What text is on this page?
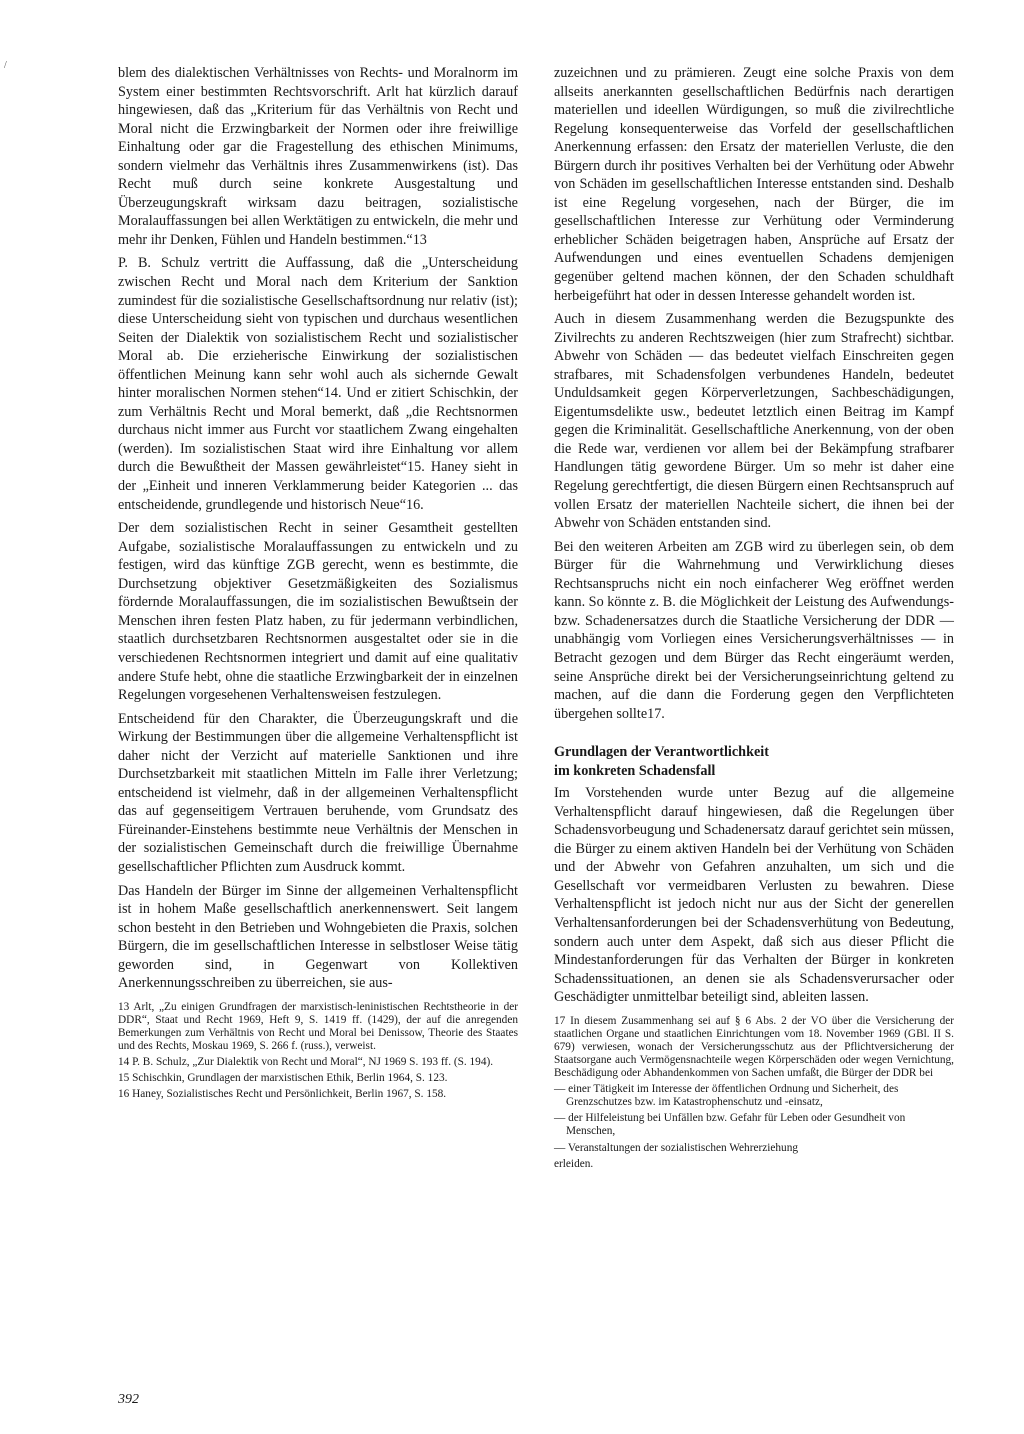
blem des dialektischen Verhältnisses von Rechts- und Moralnorm im System einer bestimmten Rechtsvorschrift. Arlt hat kürzlich darauf hingewiesen, daß das „Kriterium für das Verhältnis von Recht und Moral nicht die Erzwingbarkeit der Normen oder ihre freiwillige Einhaltung oder gar die Fragestellung des ethischen Minimums, sondern vielmehr das Verhältnis ihres Zusammenwirkens (ist). Das Recht muß durch seine konkrete Ausgestaltung und Überzeugungskraft wirksam dazu beitragen, sozialistische Moralauffassungen bei allen Werktätigen zu entwickeln, die mehr und mehr ihr Denken, Fühlen und Handeln bestimmen.“13

P. B. Schulz vertritt die Auffassung, daß die „Unterscheidung zwischen Recht und Moral nach dem Kriterium der Sanktion zumindest für die sozialistische Gesellschaftsordnung nur relativ (ist); diese Unterscheidung sieht von typischen und durchaus wesentlichen Seiten der Dialektik von sozialistischem Recht und sozialistischer Moral ab. Die erzieherische Einwirkung der sozialistischen öffentlichen Meinung kann sehr wohl auch als sichernde Gewalt hinter moralischen Normen stehen“14. Und er zitiert Schischkin, der zum Verhältnis Recht und Moral bemerkt, daß „die Rechtsnormen durchaus nicht immer aus Furcht vor staatlichem Zwang eingehalten (werden). Im sozialistischen Staat wird ihre Einhaltung vor allem durch die Bewußtheit der Massen gewährleistet“15. Haney sieht in der „Einheit und inneren Verklammerung beider Kategorien ... das entscheidende, grundlegende und historisch Neue“16.

Der dem sozialistischen Recht in seiner Gesamtheit gestellten Aufgabe, sozialistische Moralauffassungen zu entwickeln und zu festigen, wird das künftige ZGB gerecht, wenn es bestimmte, die Durchsetzung objektiver Gesetzmäßigkeiten des Sozialismus fördernde Moralauffassungen, die im sozialistischen Bewußtsein der Menschen ihren festen Platz haben, zu für jedermann verbindlichen, staatlich durchsetzbaren Rechtsnormen ausgestaltet oder sie in die verschiedenen Rechtsnormen integriert und damit auf eine qualitativ andere Stufe hebt, ohne die staatliche Erzwingbarkeit der in einzelnen Regelungen vorgesehenen Verhaltensweisen festzulegen.

Entscheidend für den Charakter, die Überzeugungskraft und die Wirkung der Bestimmungen über die allgemeine Verhaltenspflicht ist daher nicht der Verzicht auf materielle Sanktionen und ihre Durchsetzbarkeit mit staatlichen Mitteln im Falle ihrer Verletzung; entscheidend ist vielmehr, daß in der allgemeinen Verhaltenspflicht das auf gegenseitigem Vertrauen beruhende, vom Grundsatz des Füreinander-Einstehens bestimmte neue Verhältnis der Menschen in der sozialistischen Gemeinschaft durch die freiwillige Übernahme gesellschaftlicher Pflichten zum Ausdruck kommt.

Das Handeln der Bürger im Sinne der allgemeinen Verhaltenspflicht ist in hohem Maße gesellschaftlich anerkennenswert. Seit langem schon besteht in den Betrieben und Wohngebieten die Praxis, solchen Bürgern, die im gesellschaftlichen Interesse in selbstloser Weise tätig geworden sind, in Gegenwart von Kollektiven Anerkennungsschreiben zu überreichen, sie aus-

13 Arlt, „Zu einigen Grundfragen der marxistisch-leninistischen Rechtstheorie in der DDR“, Staat und Recht 1969, Heft 9, S. 1419 ff. (1429), der auf die anregenden Bemerkungen zum Verhältnis von Recht und Moral bei Denissow, Theorie des Staates und des Rechts, Moskau 1969, S. 266 f. (russ.), verweist.

14 P. B. Schulz, „Zur Dialektik von Recht und Moral“, NJ 1969 S. 193 ff. (S. 194).

15 Schischkin, Grundlagen der marxistischen Ethik, Berlin 1964, S. 123.

16 Haney, Sozialistisches Recht und Persönlichkeit, Berlin 1967, S. 158.

zuzeichnen und zu prämieren. Zeugt eine solche Praxis von dem allseits anerkannten gesellschaftlichen Bedürfnis nach derartigen materiellen und ideellen Würdigungen, so muß die zivilrechtliche Regelung konsequenterweise das Vorfeld der gesellschaftlichen Anerkennung erfassen: den Ersatz der materiellen Verluste, die den Bürgern durch ihr positives Verhalten bei der Verhütung oder Abwehr von Schäden im gesellschaftlichen Interesse entstanden sind. Deshalb ist eine Regelung vorgesehen, nach der Bürger, die im gesellschaftlichen Interesse zur Verhütung oder Verminderung erheblicher Schäden beigetragen haben, Ansprüche auf Ersatz der Aufwendungen und eines eventuellen Schadens demjenigen gegenüber geltend machen können, der den Schaden schuldhaft herbeigeführt hat oder in dessen Interesse gehandelt worden ist.

Auch in diesem Zusammenhang werden die Bezugspunkte des Zivilrechts zu anderen Rechtszweigen (hier zum Strafrecht) sichtbar. Abwehr von Schäden — das bedeutet vielfach Einschreiten gegen strafbares, mit Schadensfolgen verbundenes Handeln, bedeutet Unduldsamkeit gegen Körperverletzungen, Sachbeschädigungen, Eigentumsdelikte usw., bedeutet letztlich einen Beitrag im Kampf gegen die Kriminalität. Gesellschaftliche Anerkennung, von der oben die Rede war, verdienen vor allem bei der Bekämpfung strafbarer Handlungen tätig gewordene Bürger. Um so mehr ist daher eine Regelung gerechtfertigt, die diesen Bürgern einen Rechtsanspruch auf vollen Ersatz der materiellen Nachteile sichert, die ihnen bei der Abwehr von Schäden entstanden sind.

Bei den weiteren Arbeiten am ZGB wird zu überlegen sein, ob dem Bürger für die Wahrnehmung und Verwirklichung dieses Rechtsanspruchs nicht ein noch einfacherer Weg eröffnet werden kann. So könnte z. B. die Möglichkeit der Leistung des Aufwendungs- bzw. Schadenersatzes durch die Staatliche Versicherung der DDR — unabhängig vom Vorliegen eines Versicherungsverhältnisses — in Betracht gezogen und dem Bürger das Recht eingeräumt werden, seine Ansprüche direkt bei der Versicherungseinrichtung geltend zu machen, auf die dann die Forderung gegen den Verpflichteten übergehen sollte17.

Grundlagen der Verantwortlichkeit
im konkreten Schadensfall

Im Vorstehenden wurde unter Bezug auf die allgemeine Verhaltenspflicht darauf hingewiesen, daß die Regelungen über Schadensvorbeugung und Schadenersatz darauf gerichtet sein müssen, die Bürger zu einem aktiven Handeln bei der Verhütung von Schäden und der Abwehr von Gefahren anzuhalten, um sich und die Gesellschaft vor vermeidbaren Verlusten zu bewahren. Diese Verhaltenspflicht ist jedoch nicht nur aus der Sicht der generellen Verhaltensanforderungen bei der Schadensverhütung von Bedeutung, sondern auch unter dem Aspekt, daß sich aus dieser Pflicht die Mindestanforderungen für das Verhalten der Bürger in konkreten Schadenssituationen, an denen sie als Schadensverursacher oder Geschädigter unmittelbar beteiligt sind, ableiten lassen.

17 In diesem Zusammenhang sei auf § 6 Abs. 2 der VO über die Versicherung der staatlichen Organe und staatlichen Einrichtungen vom 18. November 1969 (GBl. II S. 679) verwiesen, wonach der Versicherungsschutz aus der Pflichtversicherung der Staatsorgane auch Vermögensnachteile wegen Körperschäden oder wegen Vernichtung, Beschädigung oder Abhandenkommen von Sachen umfaßt, die Bürger der DDR bei

— einer Tätigkeit im Interesse der öffentlichen Ordnung und Sicherheit, des Grenzschutzes bzw. im Katastrophenschutz und -einsatz,

— der Hilfeleistung bei Unfällen bzw. Gefahr für Leben oder Gesundheit von Menschen,

— Veranstaltungen der sozialistischen Wehrerziehung

erleiden.

392
/
